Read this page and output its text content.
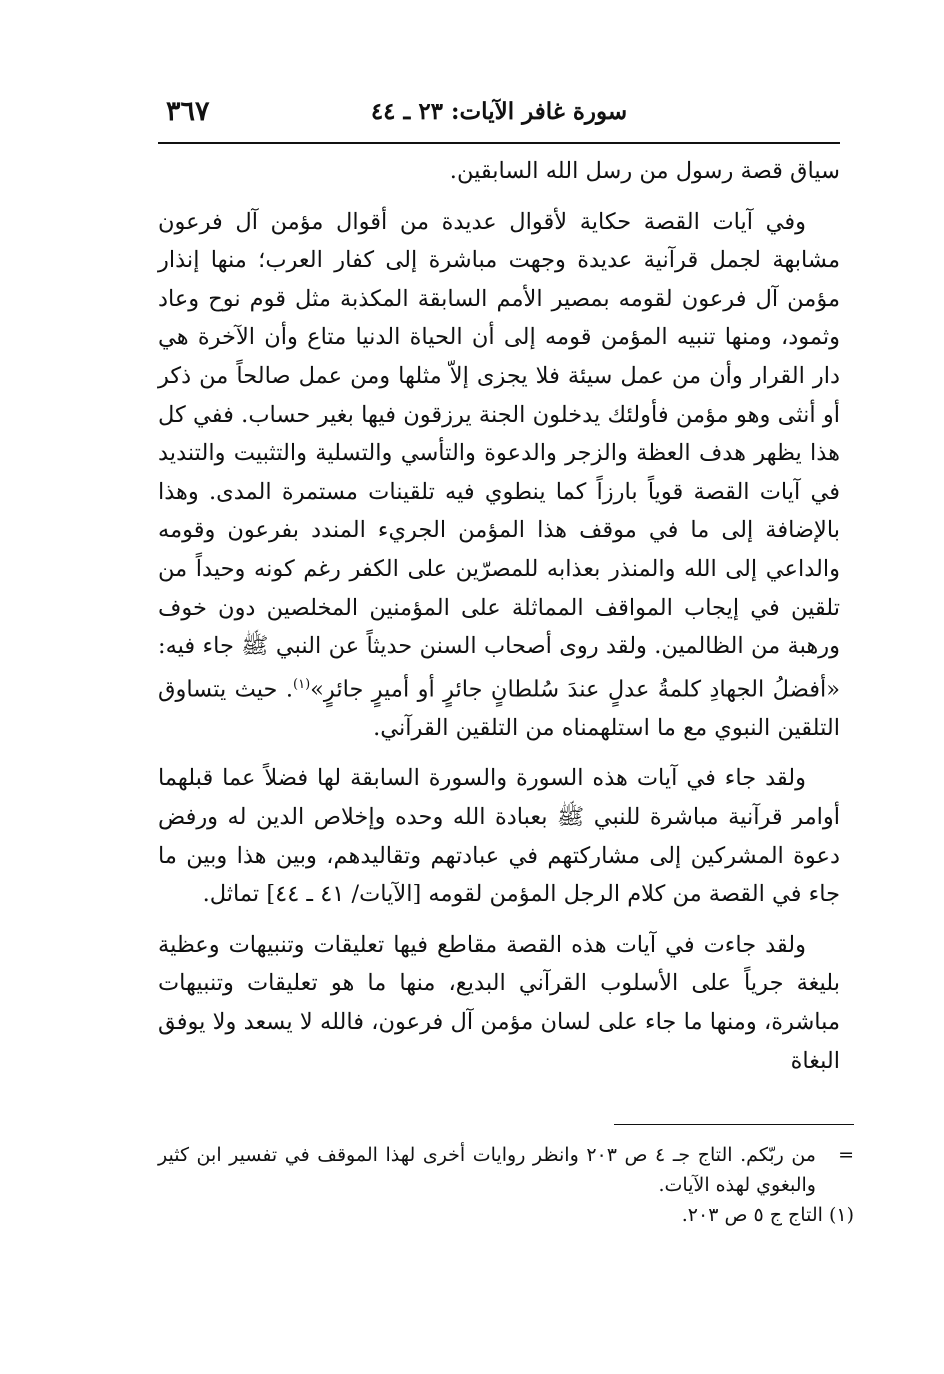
٣٦٧	سورة غافر الآيات: ٢٣ ـ ٤٤

سياق قصة رسول من رسل الله السابقين.

وفي آيات القصة حكاية لأقوال عديدة من أقوال مؤمن آل فرعون مشابهة لجمل قرآنية عديدة وجهت مباشرة إلى كفار العرب؛ منها إنذار مؤمن آل فرعون لقومه بمصير الأمم السابقة المكذبة مثل قوم نوح وعاد وثمود، ومنها تنبيه المؤمن قومه إلى أن الحياة الدنيا متاع وأن الآخرة هي دار القرار وأن من عمل سيئة فلا يجزى إلاّ مثلها ومن عمل صالحاً من ذكر أو أنثى وهو مؤمن فأولئك يدخلون الجنة يرزقون فيها بغير حساب. ففي كل هذا يظهر هدف العظة والزجر والدعوة والتأسي والتسلية والتثبيت والتنديد في آيات القصة قوياً بارزاً كما ينطوي فيه تلقينات مستمرة المدى. وهذا بالإضافة إلى ما في موقف هذا المؤمن الجريء المندد بفرعون وقومه والداعي إلى الله والمنذر بعذابه للمصرّين على الكفر رغم كونه وحيداً من تلقين في إيجاب المواقف المماثلة على المؤمنين المخلصين دون خوف ورهبة من الظالمين. ولقد روى أصحاب السنن حديثاً عن النبي ﷺ جاء فيه: «أفضلُ الجهادِ كلمةُ عدلٍ عندَ سُلطانٍ جائرٍ أو أميرٍ جائرٍ»$^{(١)}$. حيث يتساوق التلقين النبوي مع ما استلهمناه من التلقين القرآني.

ولقد جاء في آيات هذه السورة والسورة السابقة لها فضلاً عما قبلهما أوامر قرآنية مباشرة للنبي ﷺ بعبادة الله وحده وإخلاص الدين له ورفض دعوة المشركين إلى مشاركتهم في عبادتهم وتقاليدهم، وبين هذا وبين ما جاء في القصة من كلام الرجل المؤمن لقومه [الآيات/ ٤١ ـ ٤٤] تماثل.

ولقد جاءت في آيات هذه القصة مقاطع فيها تعليقات وتنبيهات وعظية بليغة جرياً على الأسلوب القرآني البديع، منها ما هو تعليقات وتنبيهات مباشرة، ومنها ما جاء على لسان مؤمن آل فرعون، فالله لا يسعد ولا يوفق البغاة

=
من ربّكم. التاج جـ ٤ ص ٢٠٣ وانظر روايات أخرى لهذا الموقف في تفسير ابن كثير والبغوي لهذه الآيات.

(١) التاج ج ٥ ص ٢٠٣.
